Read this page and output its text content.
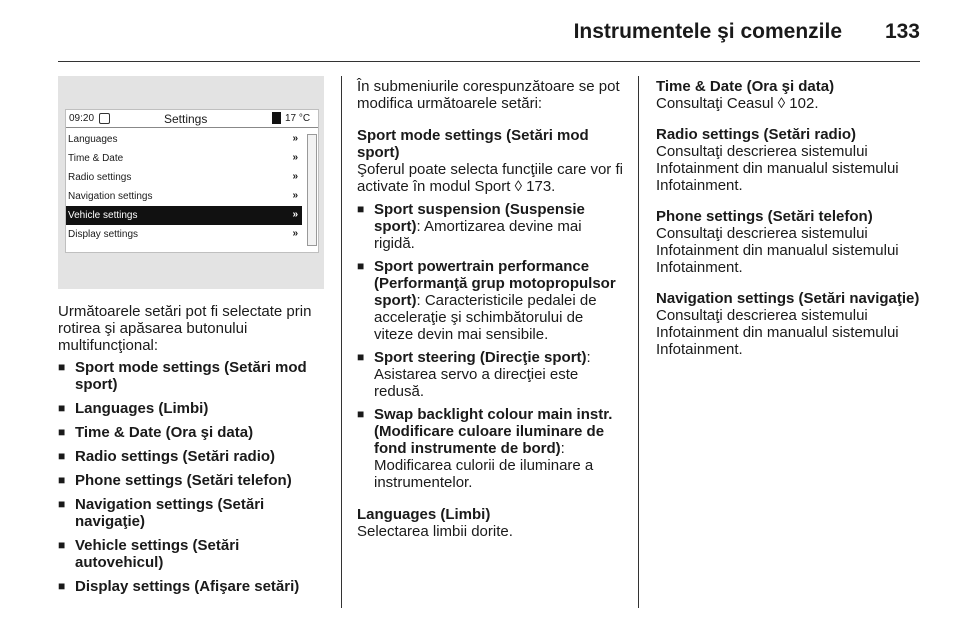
Instrumentele şi comenzile 133
09:20	Settings	17 °C
Languages	»
Time & Date	»
Radio settings	»
Navigation settings	»
Vehicle settings	»
Display settings	»

Următoarele setări pot fi selectate prin rotirea şi apăsarea butonului multifuncţional:

■ Sport mode settings (Setări mod sport)
■ Languages (Limbi)
■ Time & Date (Ora şi data)
■ Radio settings (Setări radio)
■ Phone settings (Setări telefon)
■ Navigation settings (Setări navigaţie)
■ Vehicle settings (Setări autovehicul)
■ Display settings (Afişare setări)

În submeniurile corespunzătoare se pot modifica următoarele setări:

Sport mode settings (Setări mod sport)

Şoferul poate selecta funcţiile care vor fi activate în modul Sport ◊ 173.

■ Sport suspension (Suspensie sport): Amortizarea devine mai rigidă.
■ Sport powertrain performance (Performanţă grup motopropulsor sport): Caracteristicile pedalei de acceleraţie şi schimbătorului de viteze devin mai sensibile.
■ Sport steering (Direcţie sport): Asistarea servo a direcţiei este redusă.
■ Swap backlight colour main instr. (Modificare culoare iluminare de fond instrumente de bord): Modificarea culorii de iluminare a instrumentelor.

Languages (Limbi)

Selectarea limbii dorite.

Time & Date (Ora şi data)

Consultaţi Ceasul ◊ 102.

Radio settings (Setări radio)

Consultaţi descrierea sistemului Infotainment din manualul sistemului Infotainment.

Phone settings (Setări telefon)

Consultaţi descrierea sistemului Infotainment din manualul sistemului Infotainment.

Navigation settings (Setări navigaţie)

Consultaţi descrierea sistemului Infotainment din manualul sistemului Infotainment.
